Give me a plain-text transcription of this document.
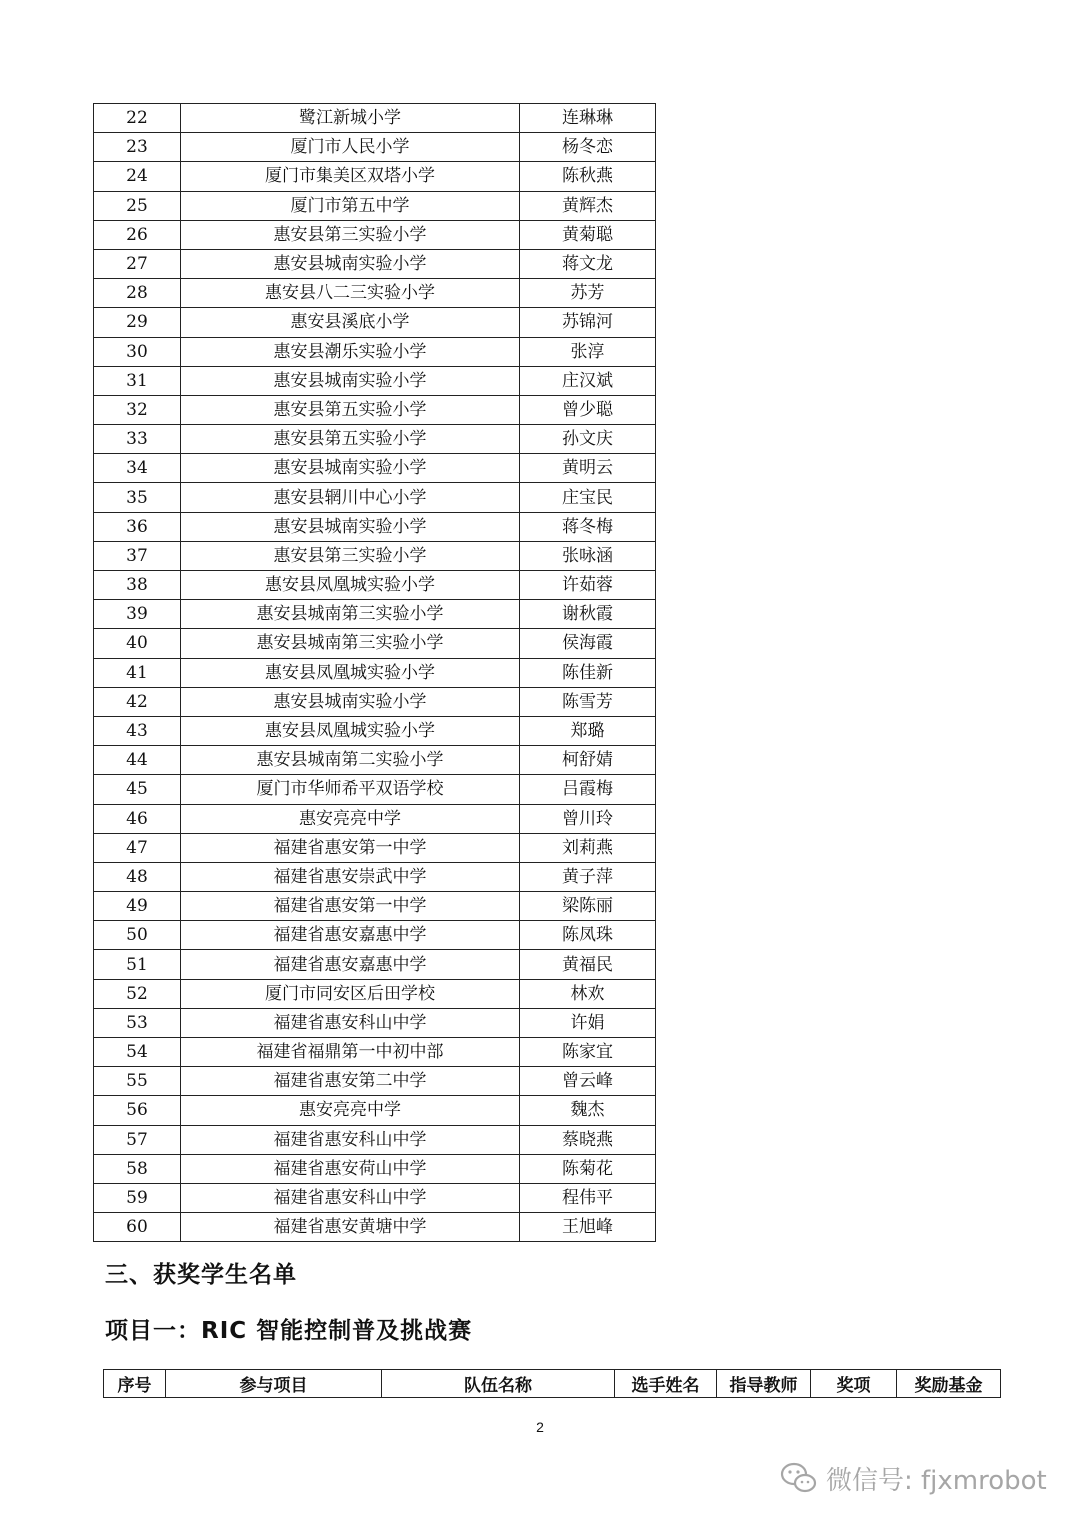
22	鹭江新城小学	连琳琳
23	厦门市人民小学	杨冬恋
24	厦门市集美区双塔小学	陈秋燕
25	厦门市第五中学	黄辉杰
26	惠安县第三实验小学	黄菊聪
27	惠安县城南实验小学	蒋文龙
28	惠安县八二三实验小学	苏芳
29	惠安县溪底小学	苏锦河
30	惠安县潮乐实验小学	张淳
31	惠安县城南实验小学	庄汉斌
32	惠安县第五实验小学	曾少聪
33	惠安县第五实验小学	孙文庆
34	惠安县城南实验小学	黄明云
35	惠安县辋川中心小学	庄宝民
36	惠安县城南实验小学	蒋冬梅
37	惠安县第三实验小学	张咏涵
38	惠安县凤凰城实验小学	许茹蓉
39	惠安县城南第三实验小学	谢秋霞
40	惠安县城南第三实验小学	侯海霞
41	惠安县凤凰城实验小学	陈佳新
42	惠安县城南实验小学	陈雪芳
43	惠安县凤凰城实验小学	郑璐
44	惠安县城南第二实验小学	柯舒婧
45	厦门市华师希平双语学校	吕霞梅
46	惠安亮亮中学	曾川玲
47	福建省惠安第一中学	刘莉燕
48	福建省惠安崇武中学	黄子萍
49	福建省惠安第一中学	梁陈丽
50	福建省惠安嘉惠中学	陈凤珠
51	福建省惠安嘉惠中学	黄福民
52	厦门市同安区后田学校	林欢
53	福建省惠安科山中学	许娟
54	福建省福鼎第一中初中部	陈家宜
55	福建省惠安第二中学	曾云峰
56	惠安亮亮中学	魏杰
57	福建省惠安科山中学	蔡晓燕
58	福建省惠安荷山中学	陈菊花
59	福建省惠安科山中学	程伟平
60	福建省惠安黄塘中学	王旭峰
三、获奖学生名单
项目一：RIC 智能控制普及挑战赛
序号	参与项目	队伍名称	选手姓名	指导教师	奖项	奖励基金
2
微信号: fjxmrobot
